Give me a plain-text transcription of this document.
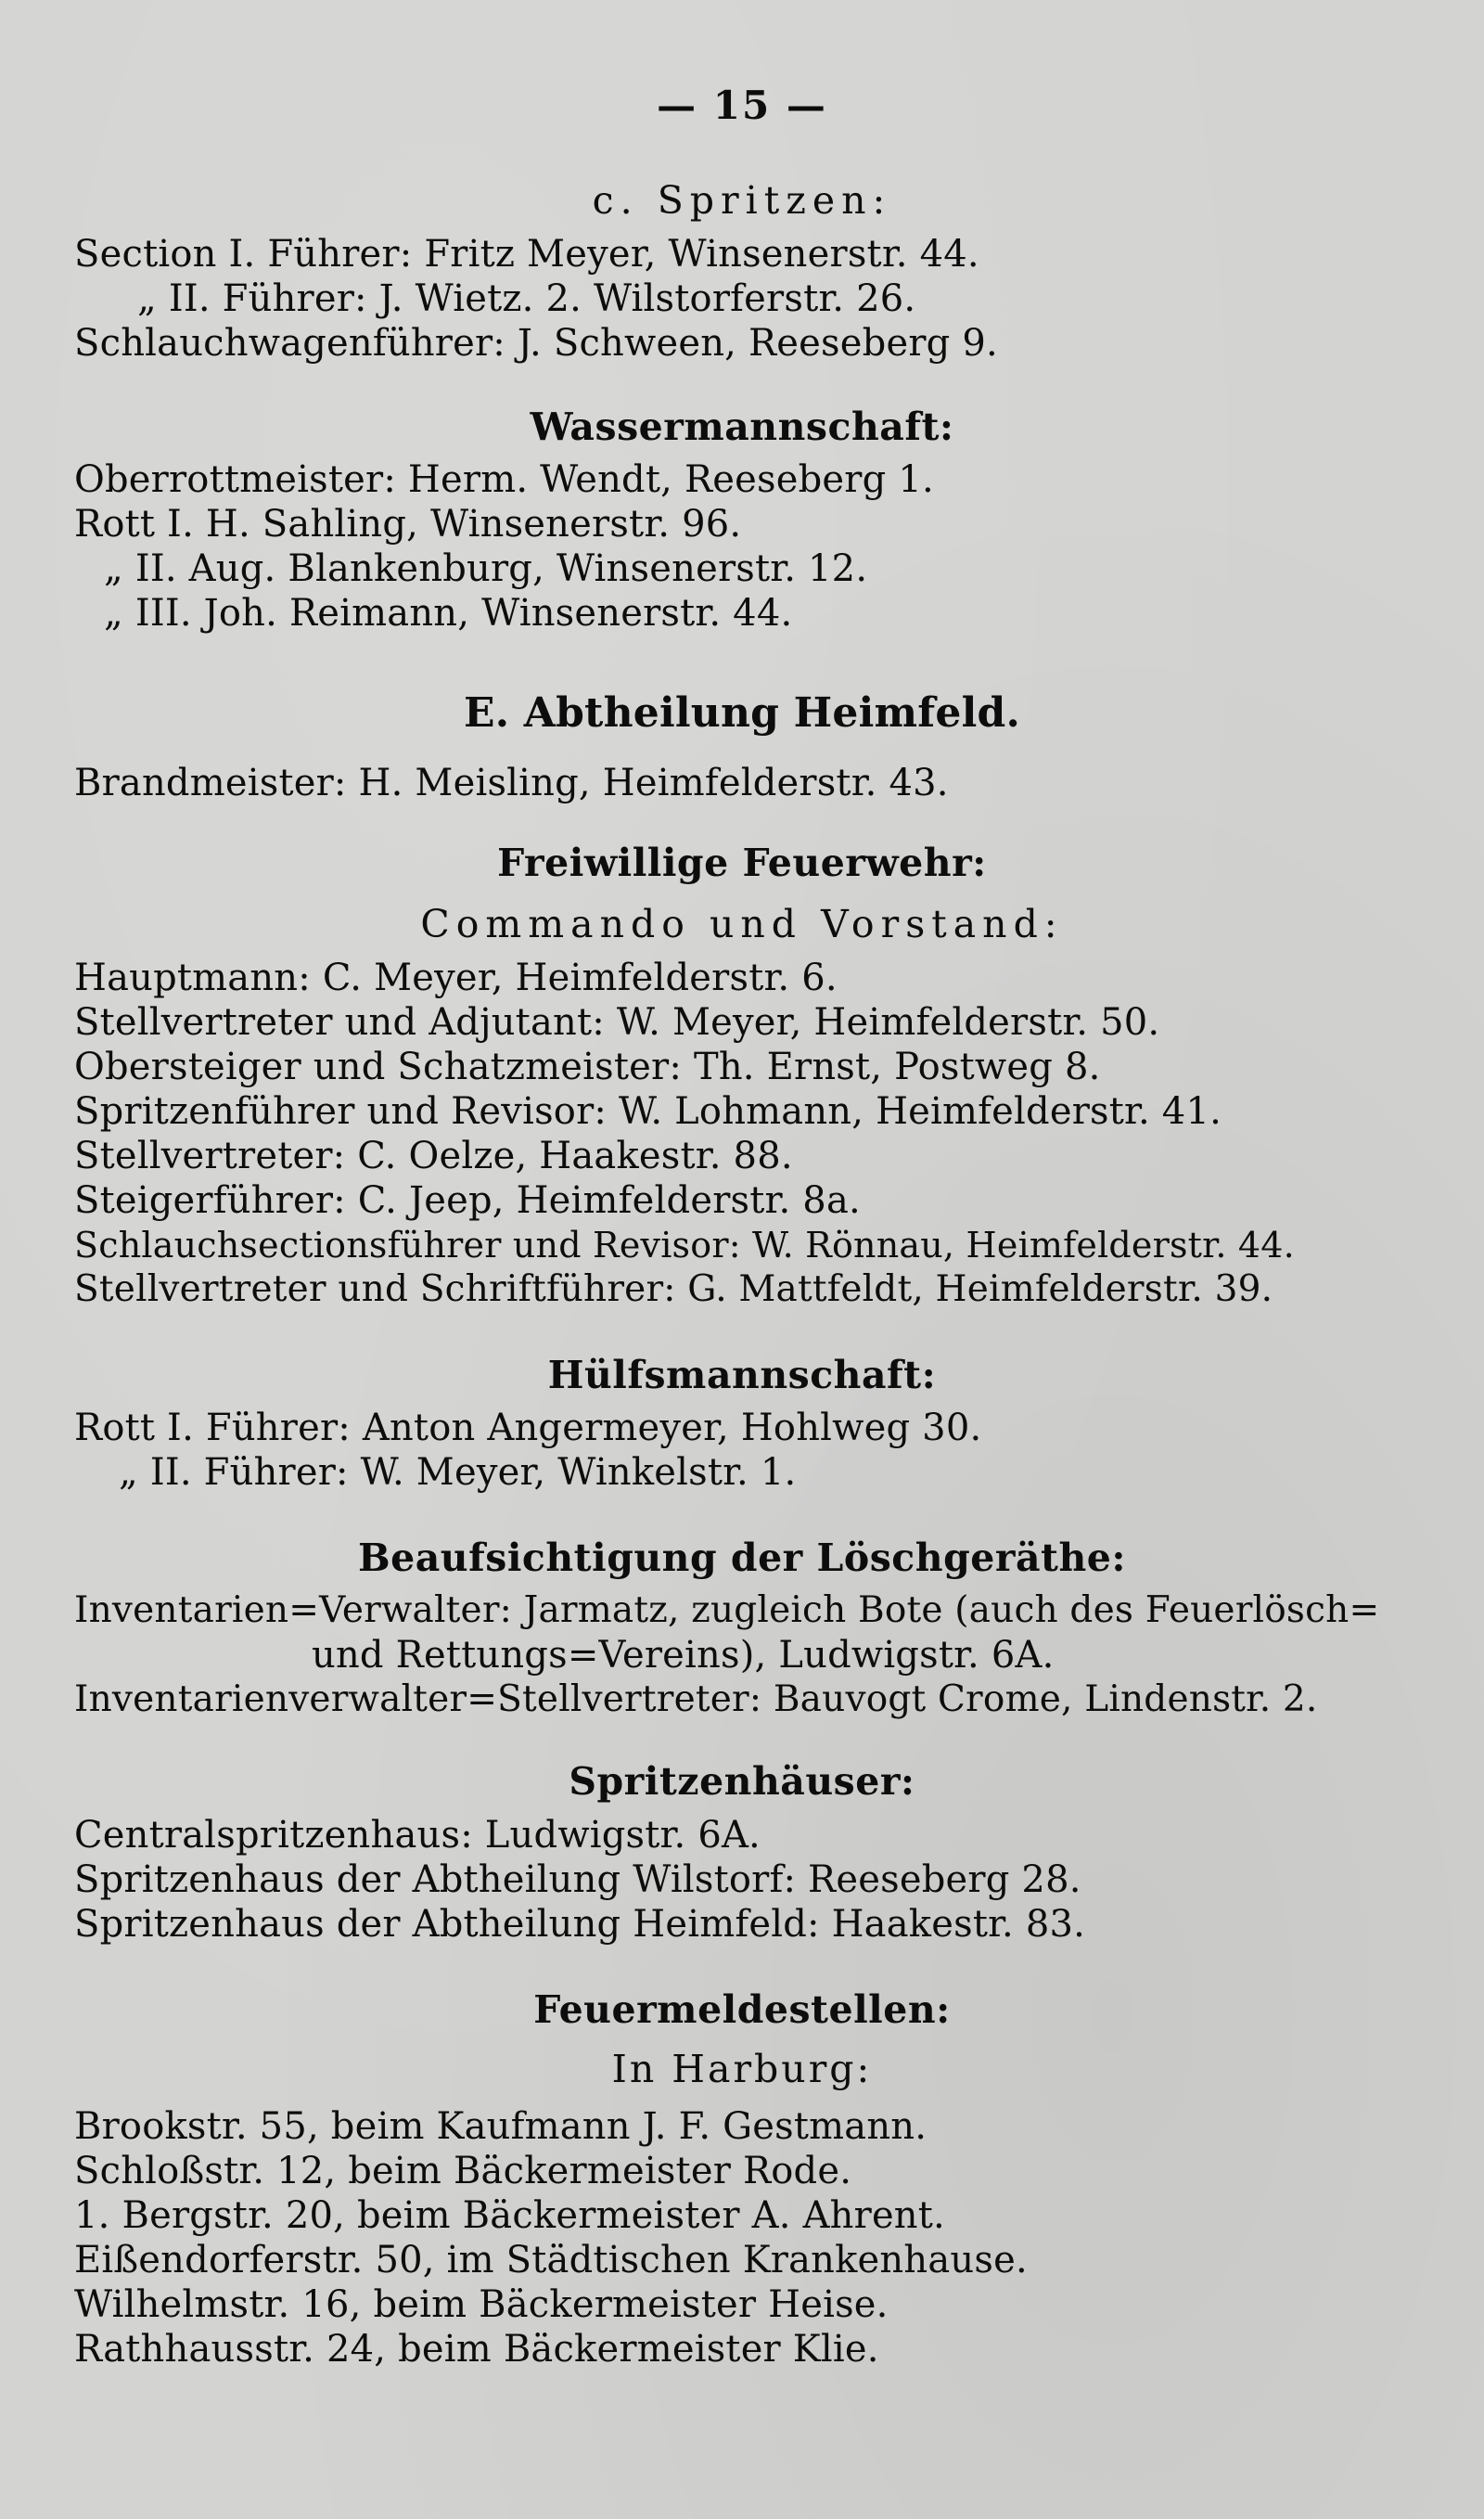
— 15 —
c. Spritzen:
Section I. Führer: Fritz Meyer, Winsenerstr. 44.
„ II. Führer: J. Wietz. 2. Wilstorferstr. 26.
Schlauchwagenführer: J. Schween, Reeseberg 9.
Wassermannschaft:
Oberrottmeister: Herm. Wendt, Reeseberg 1.
Rott I. H. Sahling, Winsenerstr. 96.
„ II. Aug. Blankenburg, Winsenerstr. 12.
„ III. Joh. Reimann, Winsenerstr. 44.
E. Abtheilung Heimfeld.
Brandmeister: H. Meisling, Heimfelderstr. 43.
Freiwillige Feuerwehr:
Commando und Vorstand:
Hauptmann: C. Meyer, Heimfelderstr. 6.
Stellvertreter und Adjutant: W. Meyer, Heimfelderstr. 50.
Obersteiger und Schatzmeister: Th. Ernst, Postweg 8.
Spritzenführer und Revisor: W. Lohmann, Heimfelderstr. 41.
Stellvertreter: C. Oelze, Haakestr. 88.
Steigerführer: C. Jeep, Heimfelderstr. 8a.
Schlauchsectionsführer und Revisor: W. Rönnau, Heimfelderstr. 44.
Stellvertreter und Schriftführer: G. Mattfeldt, Heimfelderstr. 39.
Hülfsmannschaft:
Rott I. Führer: Anton Angermeyer, Hohlweg 30.
„ II. Führer: W. Meyer, Winkelstr. 1.
Beaufsichtigung der Löschgeräthe:
Inventarien=Verwalter: Jarmatz, zugleich Bote (auch des Feuerlösch=
und Rettungs=Vereins), Ludwigstr. 6A.
Inventarienverwalter=Stellvertreter: Bauvogt Crome, Lindenstr. 2.
Spritzenhäuser:
Centralspritzenhaus: Ludwigstr. 6A.
Spritzenhaus der Abtheilung Wilstorf: Reeseberg 28.
Spritzenhaus der Abtheilung Heimfeld: Haakestr. 83.
Feuermeldestellen:
In Harburg:
Brookstr. 55, beim Kaufmann J. F. Gestmann.
Schloßstr. 12, beim Bäckermeister Rode.
1. Bergstr. 20, beim Bäckermeister A. Ahrent.
Eißendorferstr. 50, im Städtischen Krankenhause.
Wilhelmstr. 16, beim Bäckermeister Heise.
Rathhausstr. 24, beim Bäckermeister Klie.
